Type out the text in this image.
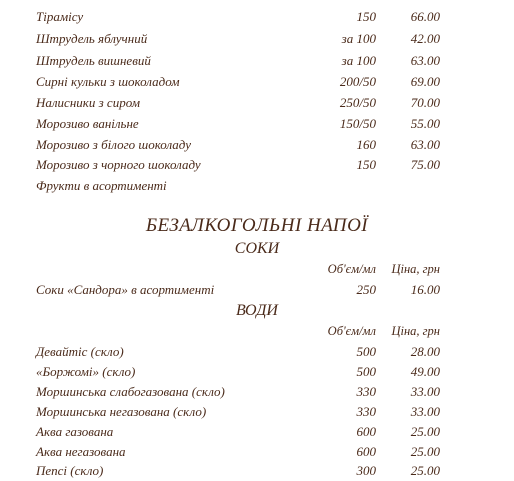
Тірамісу	150	66.00
Штрудель яблучний	за 100	42.00
Штрудель вишневий	за 100	63.00
Сирні кульки з шоколадом	200/50	69.00
Налисники з сиром	250/50	70.00
Морозиво ванільне	150/50	55.00
Морозиво з білого шоколаду	160	63.00
Морозиво з чорного шоколаду	150	75.00
Фрукти в асортименті
БЕЗАЛКОГОЛЬНІ НАПОЇ
СОКИ
Об'єм/мл Ціна, грн
Соки «Сандора» в асортименті	250	16.00
ВОДИ
Об'єм/мл Ціна, грн
Девайтіс (скло)	500	28.00
«Боржомі» (скло)	500	49.00
Моршинська слабогазована (скло)	330	33.00
Моршинська негазована (скло)	330	33.00
Аква газована	600	25.00
Аква негазована	600	25.00
Пепсі (скло)	300	25.00
